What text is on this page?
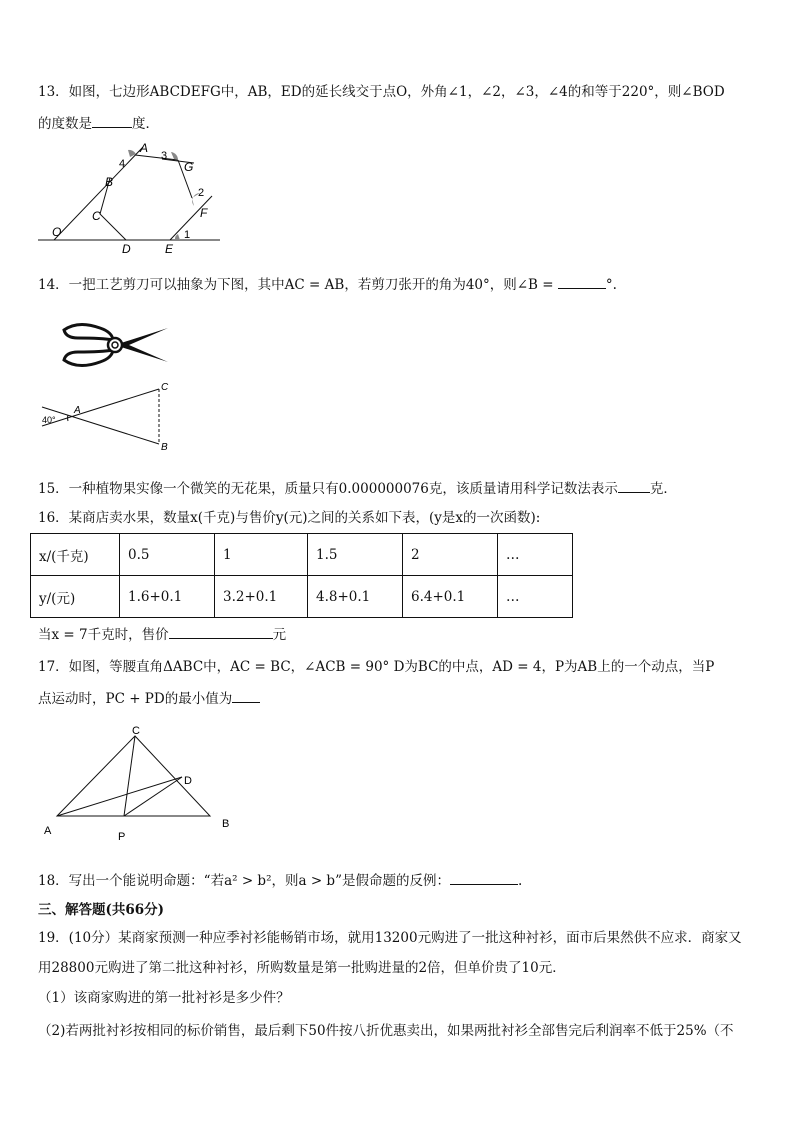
13．如图，七边形ABCDEFG中，AB，ED的延长线交于点O，外角∠1，∠2，∠3，∠4的和等于220°，则∠BOD
的度数是	度．
A
B
C
D	E
F
G
O	1
2
3
4
14．一把工艺剪刀可以抽象为下图，其中AC = AB，若剪刀张开的角为40°，则∠B =	°.
A
B
C
40°
15．一种植物果实像一个微笑的无花果，质量只有0.000000076克，该质量请用科学记数法表示 克．
16．某商店卖水果，数量x(千克)与售价y(元)之间的关系如下表，(y是x的一次函数):
x/(千克)	0.5	1	1.5	2	…
y/(元)	1.6+0.1	3.2+0.1	4.8+0.1	6.4+0.1	…
当x = 7千克时，售价	元
17．如图，等腰直角ΔABC中，AC = BC，∠ACB = 90° D为BC的中点，AD = 4，P为AB上的一个动点，当P
点运动时，PC + PD的最小值为
C
D
A
B
P
18．写出一个能说明命题：“若a² > b²，则a > b”是假命题的反例：	.
三、解答题(共66分)
19．(10分）某商家预测一种应季衬衫能畅销市场，就用13200元购进了一批这种衬衫，面市后果然供不应求．商家又
用28800元购进了第二批这种衬衫，所购数量是第一批购进量的2倍，但单价贵了10元．
（1）该商家购进的第一批衬衫是多少件？
（2)若两批衬衫按相同的标价销售，最后剩下50件按八折优惠卖出，如果两批衬衫全部售完后利润率不低于25%（不
